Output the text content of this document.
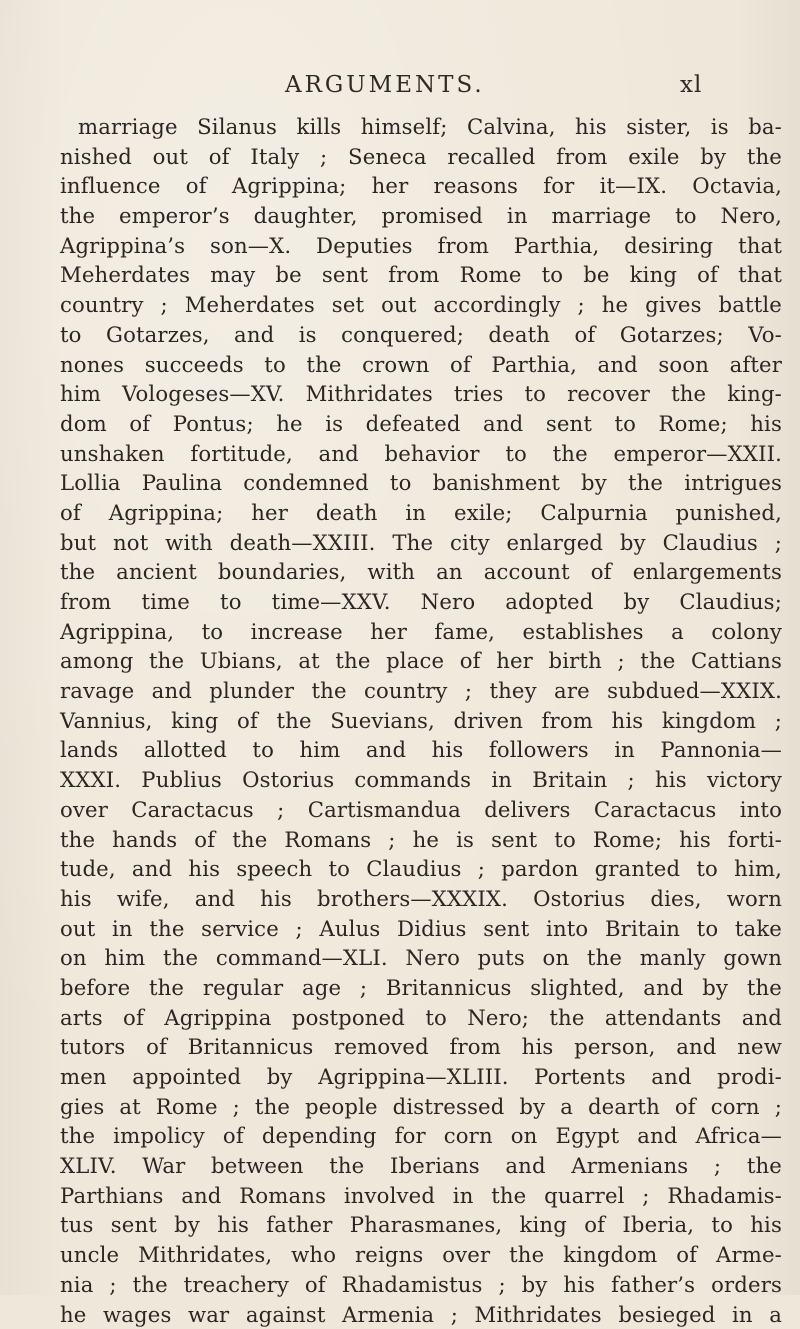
ARGUMENTS.	xl
marriage Silanus kills himself; Calvina, his sister, is ba-
nished out of Italy ; Seneca recalled from exile by the
influence of Agrippina; her reasons for it—IX. Octavia,
the emperor’s daughter, promised in marriage to Nero,
Agrippina’s son—X. Deputies from Parthia, desiring that
Meherdates may be sent from Rome to be king of that
country ; Meherdates set out accordingly ; he gives battle
to Gotarzes, and is conquered; death of Gotarzes; Vo-
nones succeeds to the crown of Parthia, and soon after
him Vologeses—XV. Mithridates tries to recover the king-
dom of Pontus; he is defeated and sent to Rome; his
unshaken fortitude, and behavior to the emperor—XXII.
Lollia Paulina condemned to banishment by the intrigues
of Agrippina; her death in exile; Calpurnia punished,
but not with death—XXIII. The city enlarged by Claudius ;
the ancient boundaries, with an account of enlargements
from time to time—XXV. Nero adopted by Claudius;
Agrippina, to increase her fame, establishes a colony
among the Ubians, at the place of her birth ; the Cattians
ravage and plunder the country ; they are subdued—XXIX.
Vannius, king of the Suevians, driven from his kingdom ;
lands allotted to him and his followers in Pannonia—
XXXI. Publius Ostorius commands in Britain ; his victory
over Caractacus ; Cartismandua delivers Caractacus into
the hands of the Romans ; he is sent to Rome; his forti-
tude, and his speech to Claudius ; pardon granted to him,
his wife, and his brothers—XXXIX. Ostorius dies, worn
out in the service ; Aulus Didius sent into Britain to take
on him the command—XLI. Nero puts on the manly gown
before the regular age ; Britannicus slighted, and by the
arts of Agrippina postponed to Nero; the attendants and
tutors of Britannicus removed from his person, and new
men appointed by Agrippina—XLIII. Portents and prodi-
gies at Rome ; the people distressed by a dearth of corn ;
the impolicy of depending for corn on Egypt and Africa—
XLIV. War between the Iberians and Armenians ; the
Parthians and Romans involved in the quarrel ; Rhadamis-
tus sent by his father Pharasmanes, king of Iberia, to his
uncle Mithridates, who reigns over the kingdom of Arme-
nia ; the treachery of Rhadamistus ; by his father’s orders
he wages war against Armenia ; Mithridates besieged in a
